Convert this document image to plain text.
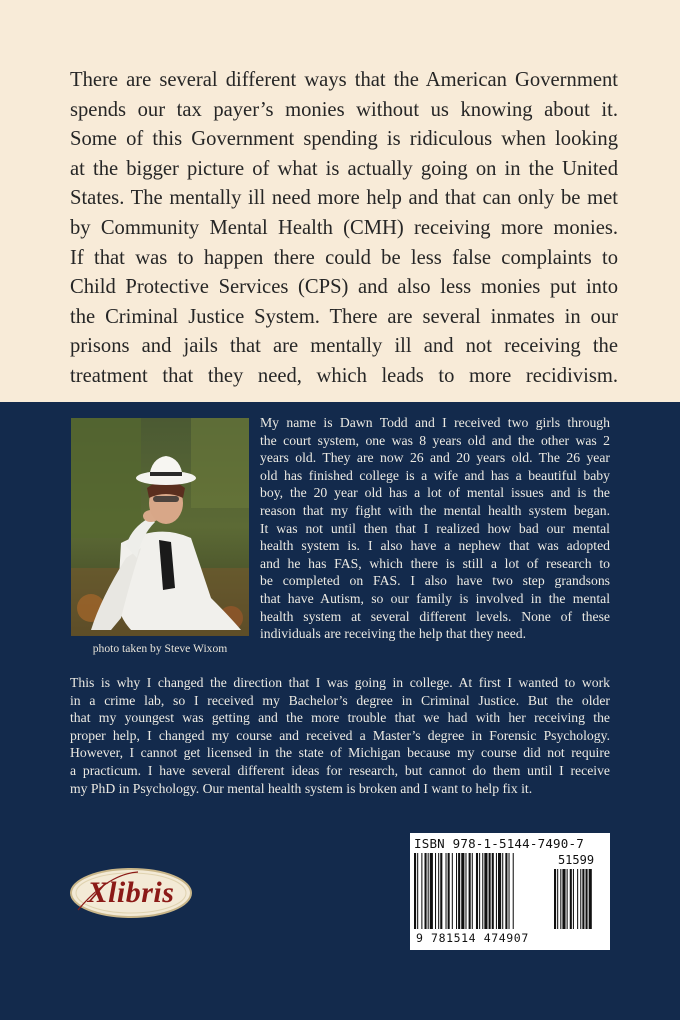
There are several different ways that the American Government
spends our tax payer’s monies without us knowing about it.
Some of this Government spending is ridiculous when looking
at the bigger picture of what is actually going on in the United
States. The mentally ill need more help and that can only be met
by Community Mental Health (CMH) receiving more monies.
If that was to happen there could be less false complaints to
Child Protective Services (CPS) and also less monies put into
the Criminal Justice System. There are several inmates in our
prisons and jails that are mentally ill and not receiving the
treatment that they need, which leads to more recidivism.
photo taken by Steve Wixom
My name is Dawn Todd and I received two girls through
the court system, one was 8 years old and the other was 2
years old. They are now 26 and 20 years old. The 26 year
old has finished college is a wife and has a beautiful baby
boy, the 20 year old has a lot of mental issues and is the
reason that my fight with the mental health system began.
It was not until then that I realized how bad our mental
health system is. I also have a nephew that was adopted
and he has FAS, which there is still a lot of research to
be completed on FAS. I also have two step grandsons
that have Autism, so our family is involved in the mental
health system at several different levels. None of these
individuals are receiving the help that they need.
This is why I changed the direction that I was going in college. At first I wanted to work
in a crime lab, so I received my Bachelor’s degree in Criminal Justice. But the older
that my youngest was getting and the more trouble that we had with her receiving the
proper help, I changed my course and received a Master’s degree in Forensic Psychology.
However, I cannot get licensed in the state of Michigan because my course did not require
a practicum. I have several different ideas for research, but cannot do them until I receive
my PhD in Psychology. Our mental health system is broken and I want to help fix it.
Xlibris
ISBN 978-1-5144-7490-7
51599
9 781514 474907
